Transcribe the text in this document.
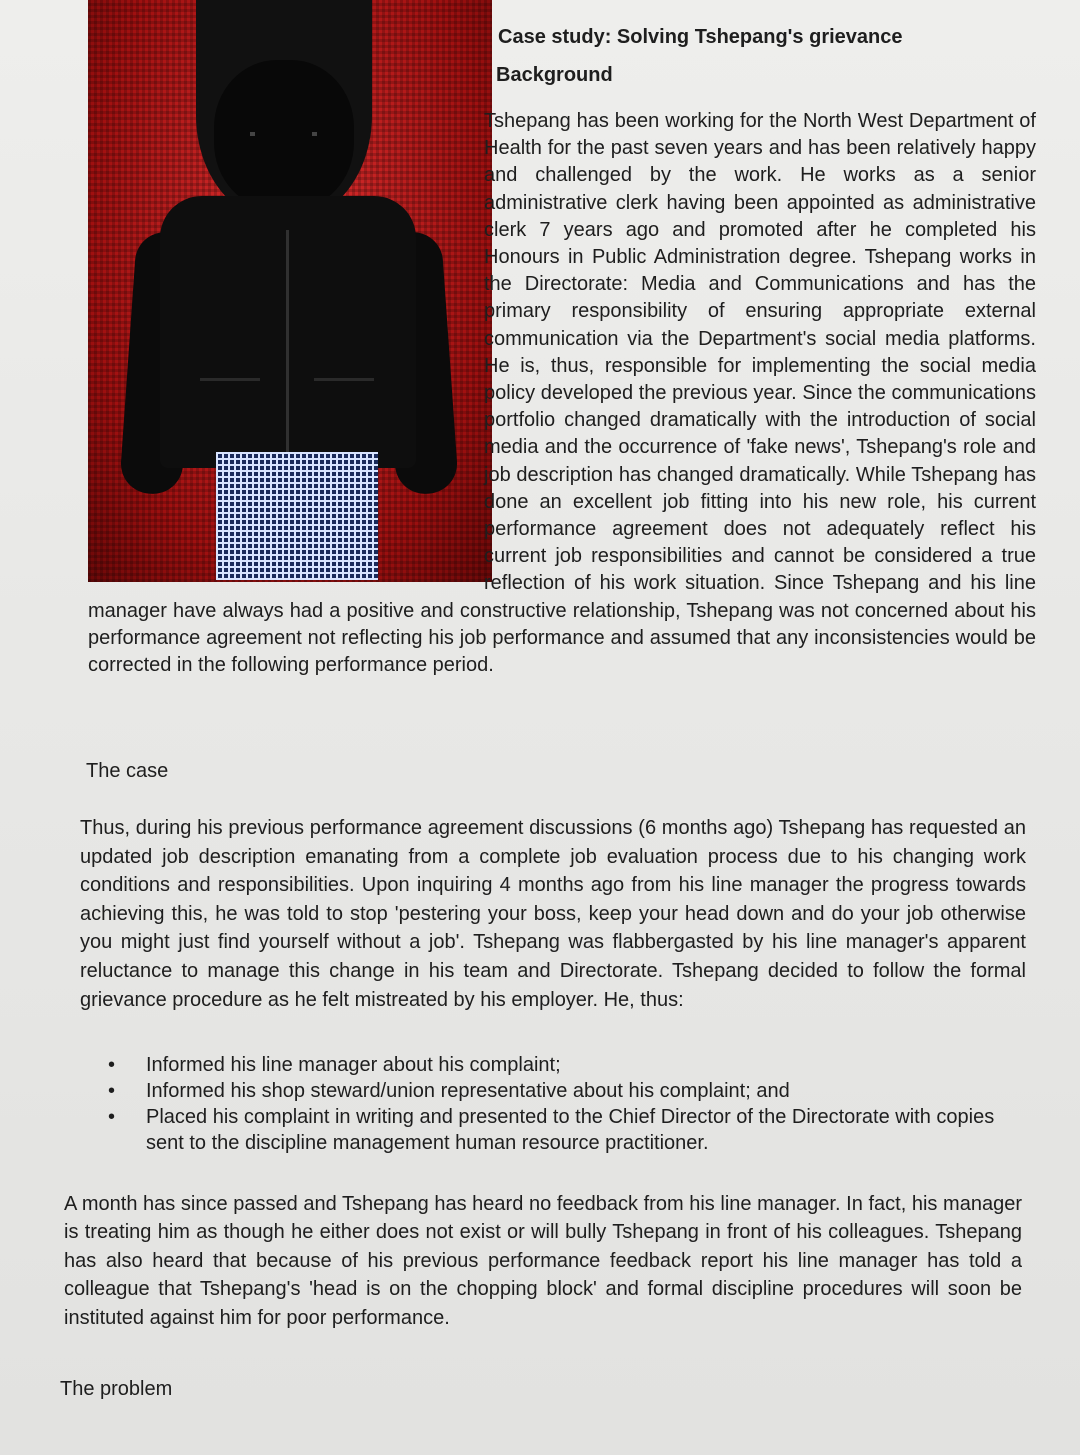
Case study: Solving Tshepang's grievance
Background
Tshepang has been working for the North West Department of Health for the past seven years and has been relatively happy and challenged by the work. He works as a senior administrative clerk having been appointed as administrative clerk 7 years ago and promoted after he completed his Honours in Public Administration degree. Tshepang works in the Directorate: Media and Communications and has the primary responsibility of ensuring appropriate external communication via the Department's social media platforms. He is, thus, responsible for implementing the social media policy developed the previous year. Since the communications portfolio changed dramatically with the introduction of social media and the occurrence of 'fake news', Tshepang's role and job description has changed dramatically. While Tshepang has done an excellent job fitting into his new role, his current performance agreement does not adequately reflect his current job responsibilities and cannot be considered a true reflection of his work situation. Since Tshepang and his line manager have always had a positive and constructive relationship, Tshepang was not concerned about his performance agreement not reflecting his job performance and assumed that any inconsistencies would be corrected in the following performance period.
The case
Thus, during his previous performance agreement discussions (6 months ago) Tshepang has requested an updated job description emanating from a complete job evaluation process due to his changing work conditions and responsibilities. Upon inquiring 4 months ago from his line manager the progress towards achieving this, he was told to stop 'pestering your boss, keep your head down and do your job otherwise you might just find yourself without a job'. Tshepang was flabbergasted by his line manager's apparent reluctance to manage this change in his team and Directorate. Tshepang decided to follow the formal grievance procedure as he felt mistreated by his employer. He, thus:
• Informed his line manager about his complaint;
• Informed his shop steward/union representative about his complaint; and
• Placed his complaint in writing and presented to the Chief Director of the Directorate with copies sent to the discipline management human resource practitioner.
A month has since passed and Tshepang has heard no feedback from his line manager. In fact, his manager is treating him as though he either does not exist or will bully Tshepang in front of his colleagues. Tshepang has also heard that because of his previous performance feedback report his line manager has told a colleague that Tshepang's 'head is on the chopping block' and formal discipline procedures will soon be instituted against him for poor performance.
The problem
